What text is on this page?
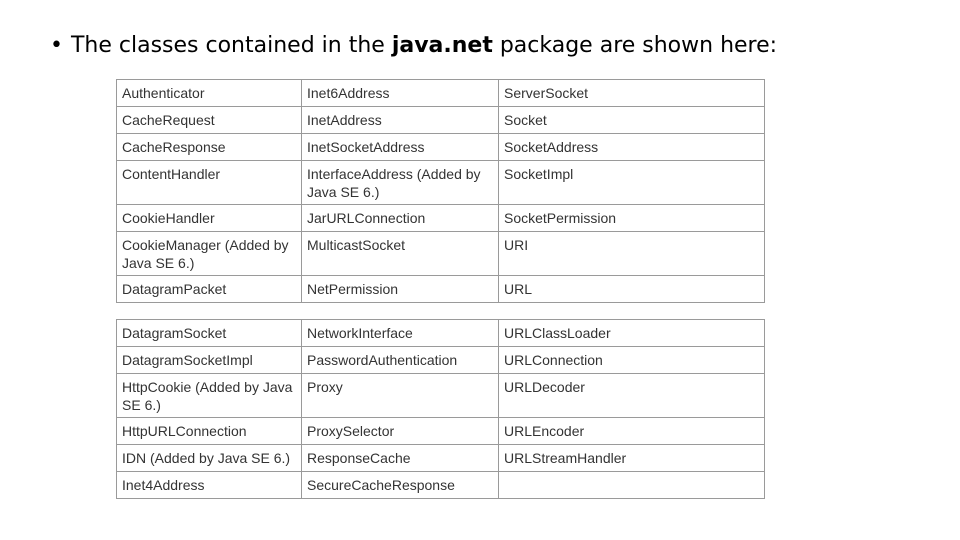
• The classes contained in the java.net package are shown here:
Authenticator	Inet6Address	ServerSocket
CacheRequest	InetAddress	Socket
CacheResponse	InetSocketAddress	SocketAddress
ContentHandler	InterfaceAddress (Added by Java SE 6.)	SocketImpl
CookieHandler	JarURLConnection	SocketPermission
CookieManager (Added by Java SE 6.)	MulticastSocket	URI
DatagramPacket	NetPermission	URL
DatagramSocket	NetworkInterface	URLClassLoader
DatagramSocketImpl	PasswordAuthentication	URLConnection
HttpCookie (Added by Java SE 6.)	Proxy	URLDecoder
HttpURLConnection	ProxySelector	URLEncoder
IDN (Added by Java SE 6.)	ResponseCache	URLStreamHandler
Inet4Address	SecureCacheResponse	
